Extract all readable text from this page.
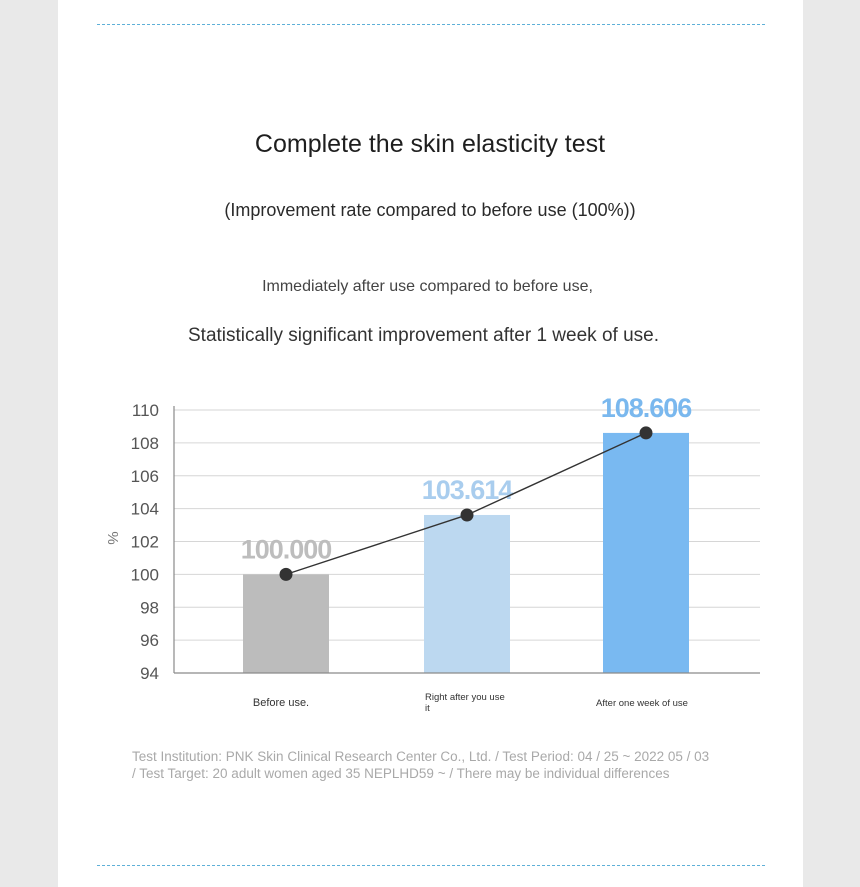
Complete the skin elasticity test
(Improvement rate compared to before use (100%))
Immediately after use compared to before use,
Statistically significant improvement after 1 week of use.
110
108
106
104
102
100
98
96
94
%	100.000
103.614
108.606
Before use.	Right after you use it	After one week of use
Test Institution: PNK Skin Clinical Research Center Co., Ltd. / Test Period: 04 / 25 ~ 2022 05 / 03
/ Test Target: 20 adult women aged 35 NEPLHD59 ~ / There may be individual differences
